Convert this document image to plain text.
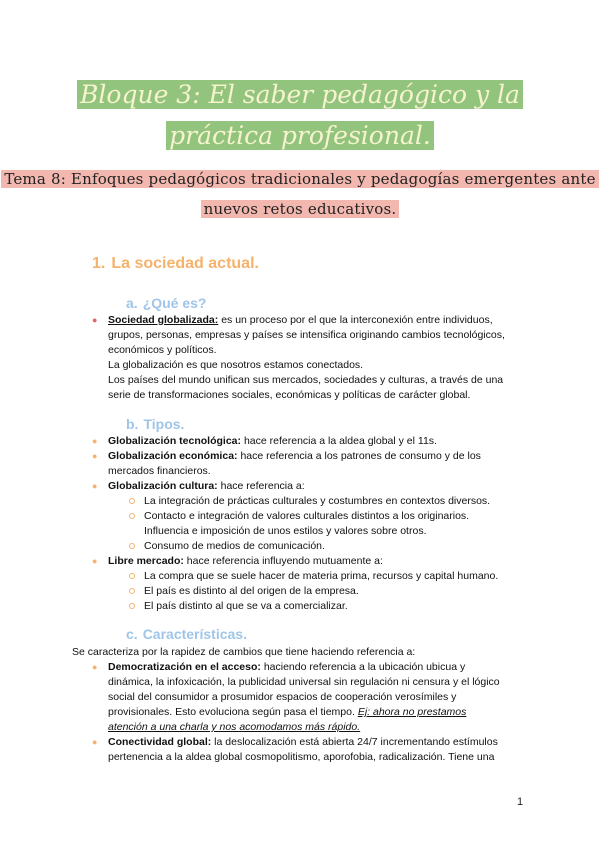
Bloque 3: El saber pedagógico y la
práctica profesional.
Tema 8: Enfoques pedagógicos tradicionales y pedagogías emergentes ante
nuevos retos educativos.
1. La sociedad actual.
a. ¿Qué es?
● Sociedad globalizada: es un proceso por el que la interconexión entre individuos,
grupos, personas, empresas y países se intensifica originando cambios tecnológicos,
económicos y políticos.
La globalización es que nosotros estamos conectados.
Los países del mundo unifican sus mercados, sociedades y culturas, a través de una
serie de transformaciones sociales, económicas y políticas de carácter global.
b. Tipos.
● Globalización tecnológica: hace referencia a la aldea global y el 11s.
● Globalización económica: hace referencia a los patrones de consumo y de los
mercados financieros.
● Globalización cultura: hace referencia a:
La integración de prácticas culturales y costumbres en contextos diversos.
Contacto e integración de valores culturales distintos a los originarios.
Influencia e imposición de unos estilos y valores sobre otros.
Consumo de medios de comunicación.
● Libre mercado: hace referencia influyendo mutuamente a:
La compra que se suele hacer de materia prima, recursos y capital humano.
El país es distinto al del origen de la empresa.
El país distinto al que se va a comercializar.
c. Características.
Se caracteriza por la rapidez de cambios que tiene haciendo referencia a:
● Democratización en el acceso: haciendo referencia a la ubicación ubicua y
dinámica, la infoxicación, la publicidad universal sin regulación ni censura y el lógico
social del consumidor a prosumidor espacios de cooperación verosímiles y
provisionales. Esto evoluciona según pasa el tiempo. Ej: ahora no prestamos
atención a una charla y nos acomodamos más rápido.
● Conectividad global: la deslocalización está abierta 24/7 incrementando estímulos
pertenencia a la aldea global cosmopolitismo, aporofobia, radicalización. Tiene una
1
